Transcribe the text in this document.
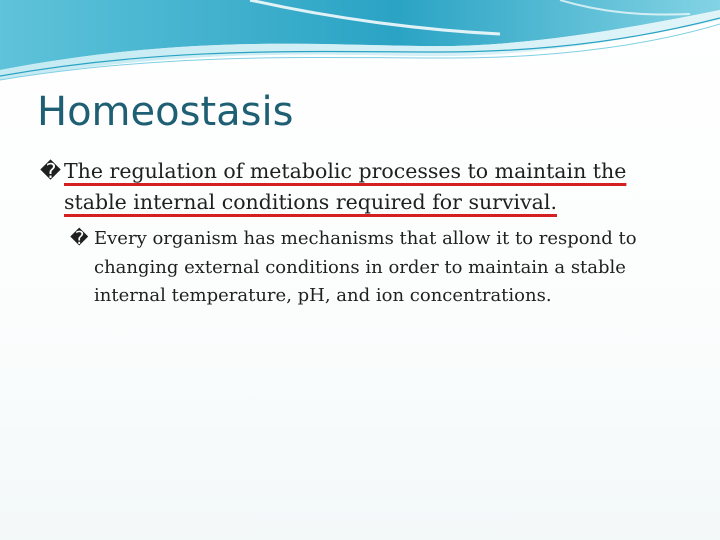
Homeostasis
� The regulation of metabolic processes to maintain the stable internal conditions required for survival.
� Every organism has mechanisms that allow it to respond to changing external conditions in order to maintain a stable internal temperature, pH, and ion concentrations.
